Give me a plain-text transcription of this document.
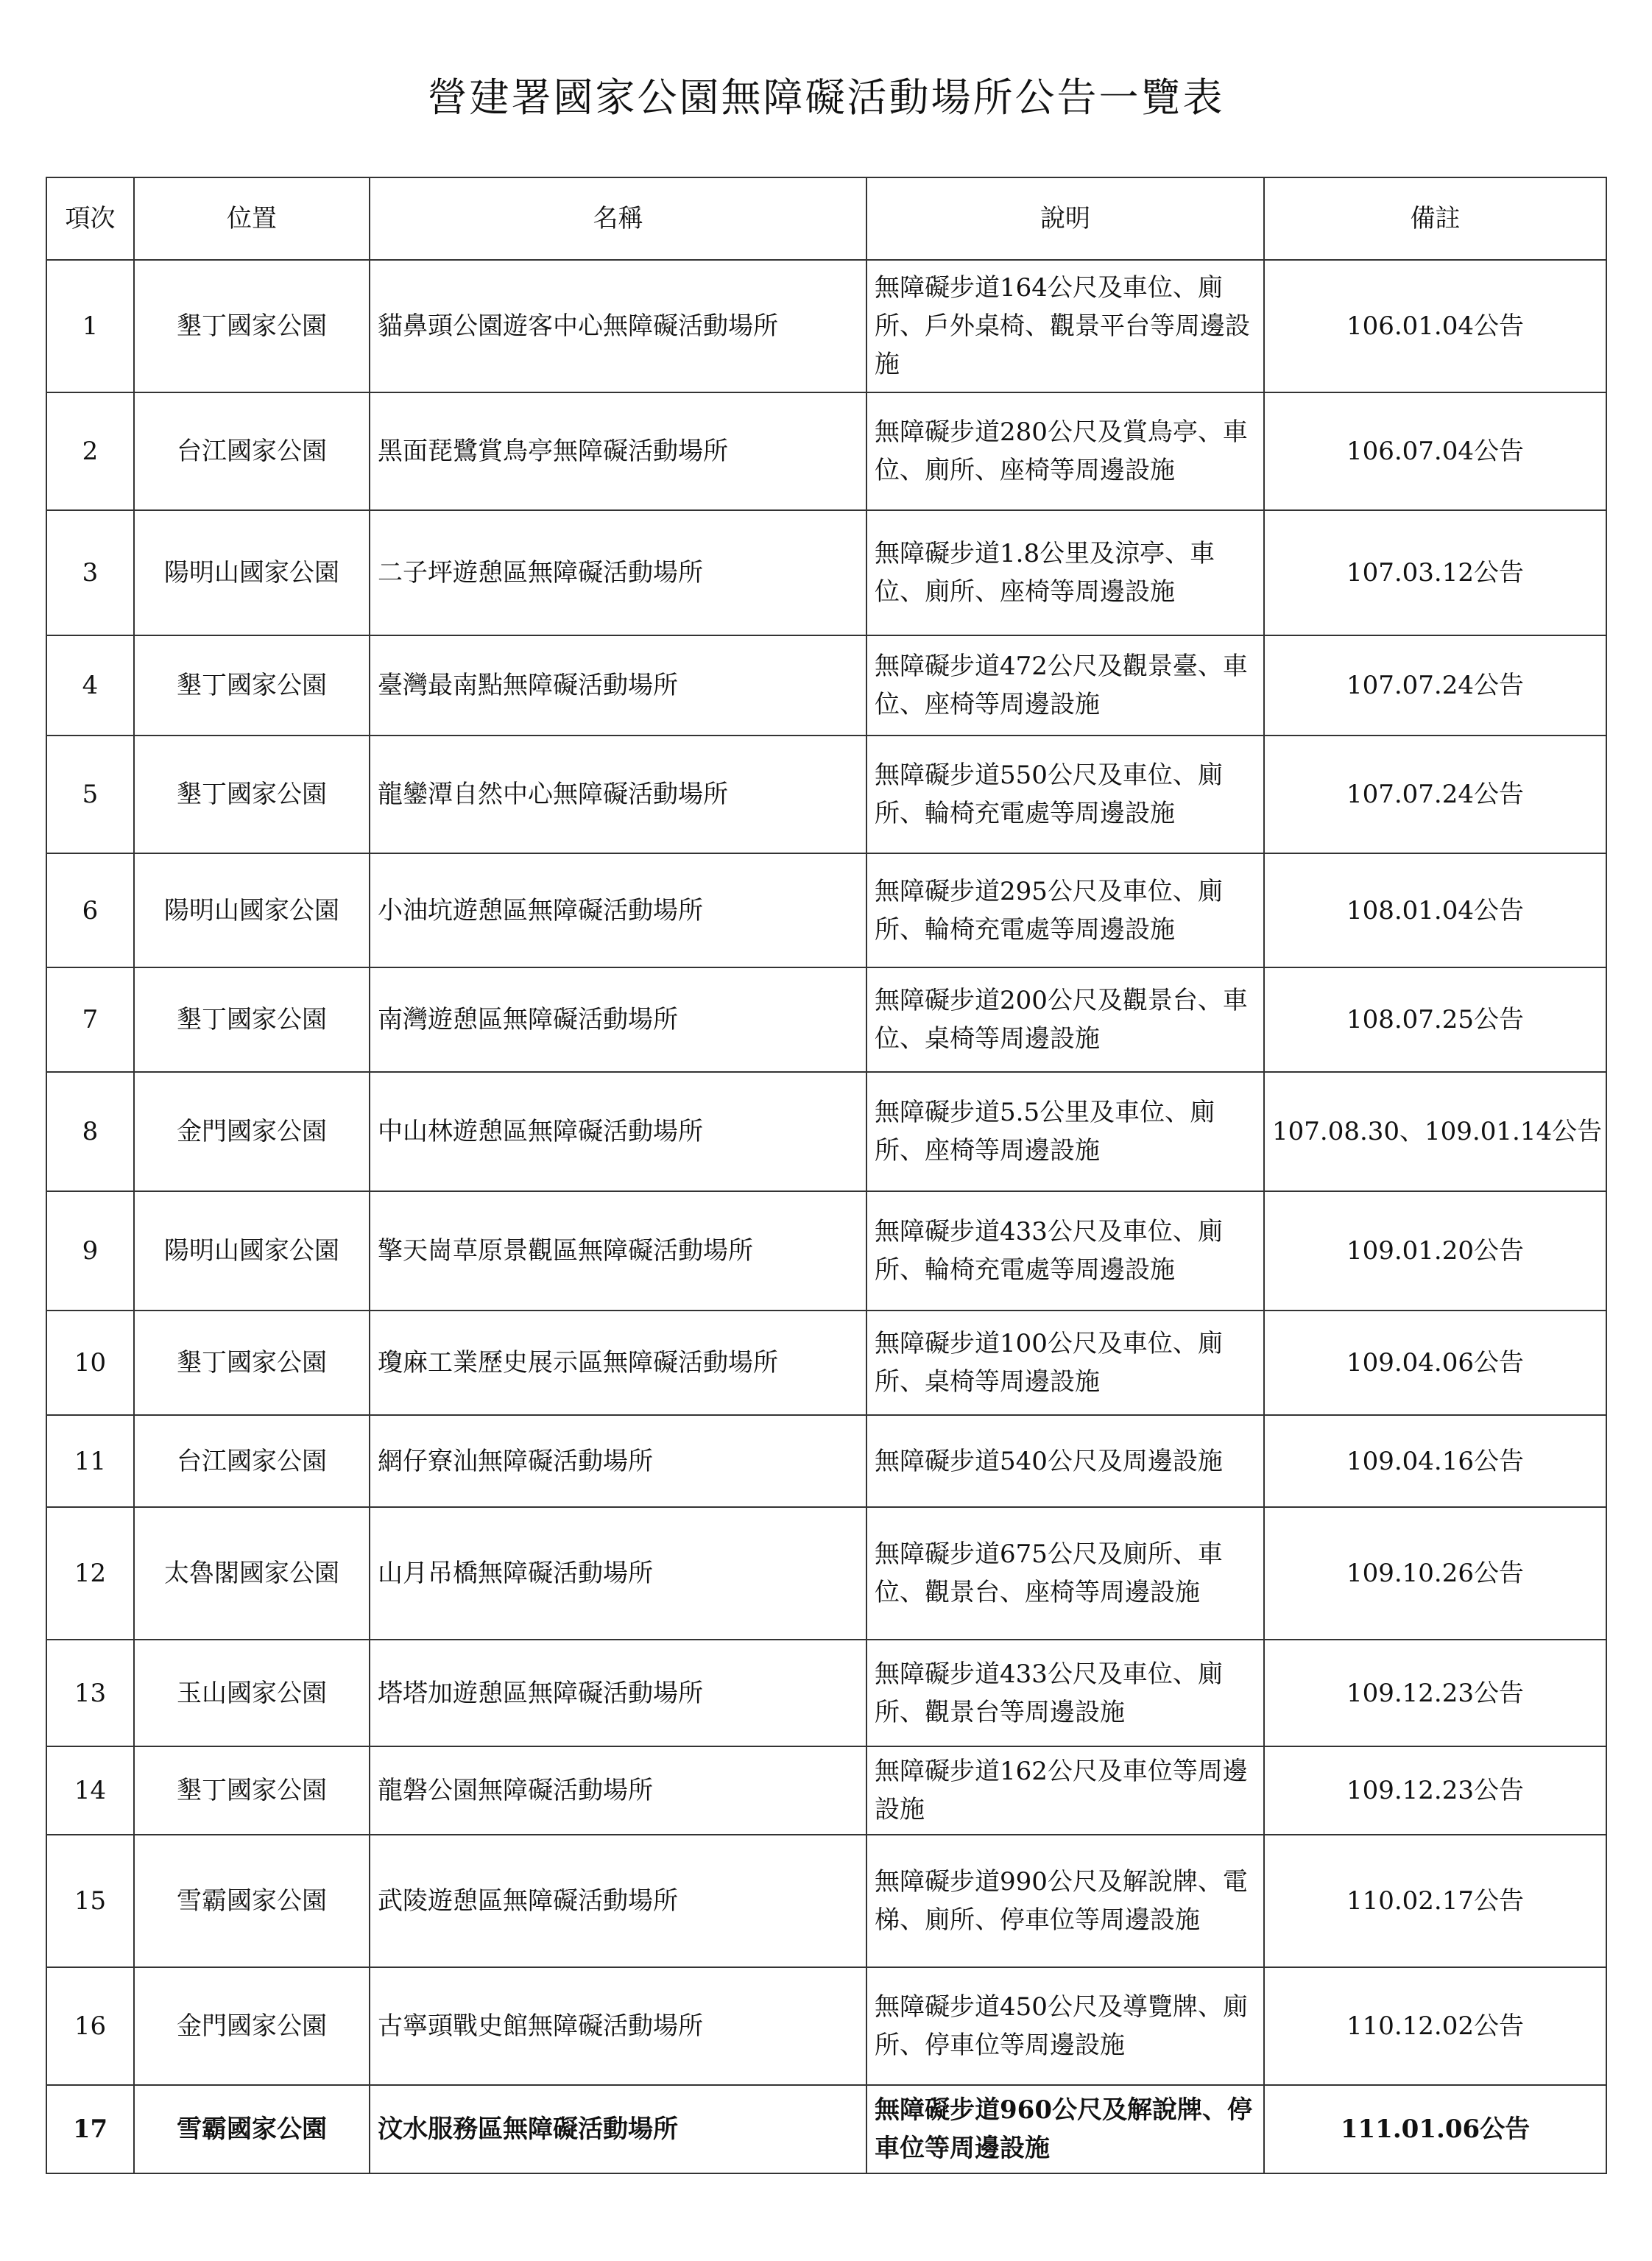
營建署國家公園無障礙活動場所公告一覽表
項次	位置	名稱	說明	備註
1	墾丁國家公園	貓鼻頭公園遊客中心無障礙活動場所	無障礙步道164公尺及車位、廁所、戶外桌椅、觀景平台等周邊設施	106.01.04公告
2	台江國家公園	黑面琵鷺賞鳥亭無障礙活動場所	無障礙步道280公尺及賞鳥亭、車位、廁所、座椅等周邊設施	106.07.04公告
3	陽明山國家公園	二子坪遊憩區無障礙活動場所	無障礙步道1.8公里及涼亭、車位、廁所、座椅等周邊設施	107.03.12公告
4	墾丁國家公園	臺灣最南點無障礙活動場所	無障礙步道472公尺及觀景臺、車位、座椅等周邊設施	107.07.24公告
5	墾丁國家公園	龍鑾潭自然中心無障礙活動場所	無障礙步道550公尺及車位、廁所、輪椅充電處等周邊設施	107.07.24公告
6	陽明山國家公園	小油坑遊憩區無障礙活動場所	無障礙步道295公尺及車位、廁所、輪椅充電處等周邊設施	108.01.04公告
7	墾丁國家公園	南灣遊憩區無障礙活動場所	無障礙步道200公尺及觀景台、車位、桌椅等周邊設施	108.07.25公告
8	金門國家公園	中山林遊憩區無障礙活動場所	無障礙步道5.5公里及車位、廁所、座椅等周邊設施	107.08.30、109.01.14公告
9	陽明山國家公園	擎天崗草原景觀區無障礙活動場所	無障礙步道433公尺及車位、廁所、輪椅充電處等周邊設施	109.01.20公告
10	墾丁國家公園	瓊麻工業歷史展示區無障礙活動場所	無障礙步道100公尺及車位、廁所、桌椅等周邊設施	109.04.06公告
11	台江國家公園	網仔寮汕無障礙活動場所	無障礙步道540公尺及周邊設施	109.04.16公告
12	太魯閣國家公園	山月吊橋無障礙活動場所	無障礙步道675公尺及廁所、車位、觀景台、座椅等周邊設施	109.10.26公告
13	玉山國家公園	塔塔加遊憩區無障礙活動場所	無障礙步道433公尺及車位、廁所、觀景台等周邊設施	109.12.23公告
14	墾丁國家公園	龍磐公園無障礙活動場所	無障礙步道162公尺及車位等周邊設施	109.12.23公告
15	雪霸國家公園	武陵遊憩區無障礙活動場所	無障礙步道990公尺及解說牌、電梯、廁所、停車位等周邊設施	110.02.17公告
16	金門國家公園	古寧頭戰史館無障礙活動場所	無障礙步道450公尺及導覽牌、廁所、停車位等周邊設施	110.12.02公告
17	雪霸國家公園	汶水服務區無障礙活動場所	無障礙步道960公尺及解說牌、停車位等周邊設施	111.01.06公告
